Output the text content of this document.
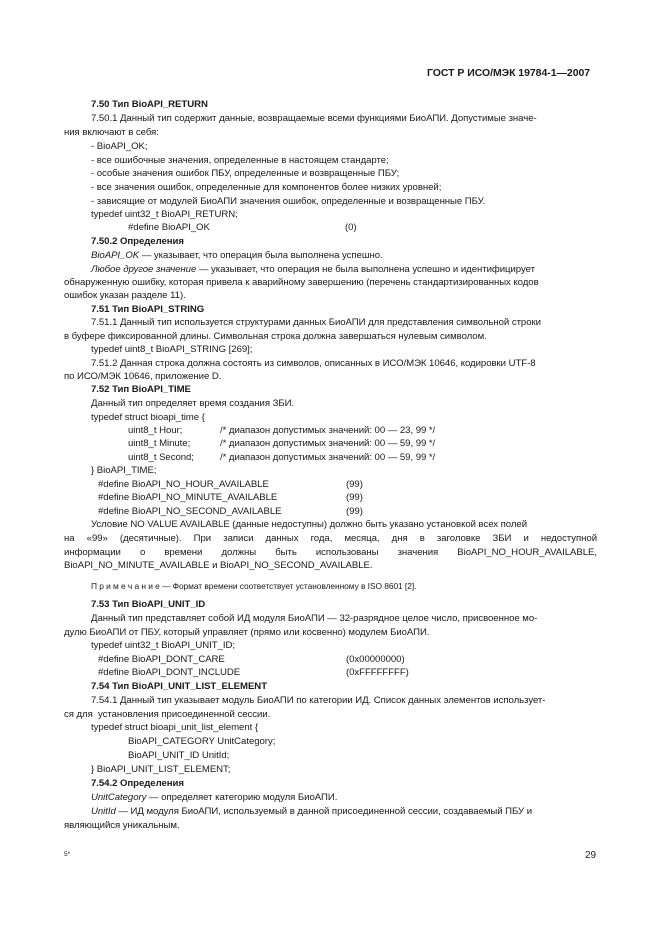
ГОСТ Р ИСО/МЭК 19784-1—2007
7.50 Тип BioAPI_RETURN
7.50.1 Данный тип содержит данные, возвращаемые всеми функциями БиоАПИ. Допустимые значе-
ния включают в себя:
- BioAPI_OK;
- все ошибочные значения, определенные в настоящем стандарте;
- особые значения ошибок ПБУ, определенные и возвращенные ПБУ;
- все значения ошибок, определенные для компонентов более низких уровней;
- зависящие от модулей БиоАПИ значения ошибок, определенные и возвращенные ПБУ.
typedef uint32_t BioAPI_RETURN;
#define BioAPI_OK	(0)
7.50.2 Определения
BioAPI_OK — указывает, что операция была выполнена успешно.
Любое другое значение — указывает, что операция не была выполнена успешно и идентифицирует
обнаруженную ошибку, которая привела к аварийному завершению (перечень стандартизированных кодов
ошибок указан разделе 11).
7.51 Тип BioAPI_STRING
7.51.1 Данный тип используется структурами данных БиоАПИ для представления символьной строки
в буфере фиксированной длины. Символьная строка должна завершаться нулевым символом.
typedef uint8_t BioAPI_STRING [269];
7.51.2 Данная строка должна состоять из символов, описанных в ИСО/МЭК 10646, кодировки UTF-8
по ИСО/МЭК 10646, приложение D.
7.52 Тип BioAPI_TIME
Данный тип определяет время создания ЗБИ.
typedef struct bioapi_time {
uint8_t Hour;	/* диапазон допустимых значений: 00 — 23, 99 */
uint8_t Minute;	/* диапазон допустимых значений: 00 — 59, 99 */
uint8_t Second;	/* диапазон допустимых значений: 00 — 59, 99 */
} BioAPI_TIME;
#define BioAPI_NO_HOUR_AVAILABLE	(99)
#define BioAPI_NO_MINUTE_AVAILABLE	(99)
#define BioAPI_NO_SECOND_AVAILABLE	(99)
Условие NO VALUE AVAILABLE (данные недоступны) должно быть указано установкой всех полей
на «99» (десятичные). При записи данных года, месяца, дня в заголовке ЗБИ и недоступной
информации о времени должны быть использованы значения BioAPI_NO_HOUR_AVAILABLE,
BioAPI_NO_MINUTE_AVAILABLE и BioAPI_NO_SECOND_AVAILABLE.
П р и м е ч а н и е — Формат времени соответствует установленному в ISO 8601 [2].
7.53 Тип BioAPI_UNIT_ID
Данный тип представляет собой ИД модуля БиоАПИ — 32-разрядное целое число, присвоенное мо-
дулю БиоАПИ от ПБУ, который управляет (прямо или косвенно) модулем БиоАПИ.
typedef uint32_t BioAPI_UNIT_ID;
#define BioAPI_DONT_CARE	(0x00000000)
#define BioAPI_DONT_INCLUDE	(0xFFFFFFFF)
7.54 Тип BioAPI_UNIT_LIST_ELEMENT
7.54.1 Данный тип указывает модуль БиоАПИ по категории ИД. Список данных элементов использует-
ся для  установления присоединенной сессии.
typedef struct bioapi_unit_list_element {
BioAPI_CATEGORY UnitCategory;
BioAPI_UNIT_ID UnitId;
} BioAPI_UNIT_LIST_ELEMENT;
7.54.2 Определения
UnitCategory — определяет категорию модуля БиоАПИ.
UnitId — ИД модуля БиоАПИ, используемый в данной присоединенной сессии, создаваемый ПБУ и
являющийся уникальным.
5*	29
